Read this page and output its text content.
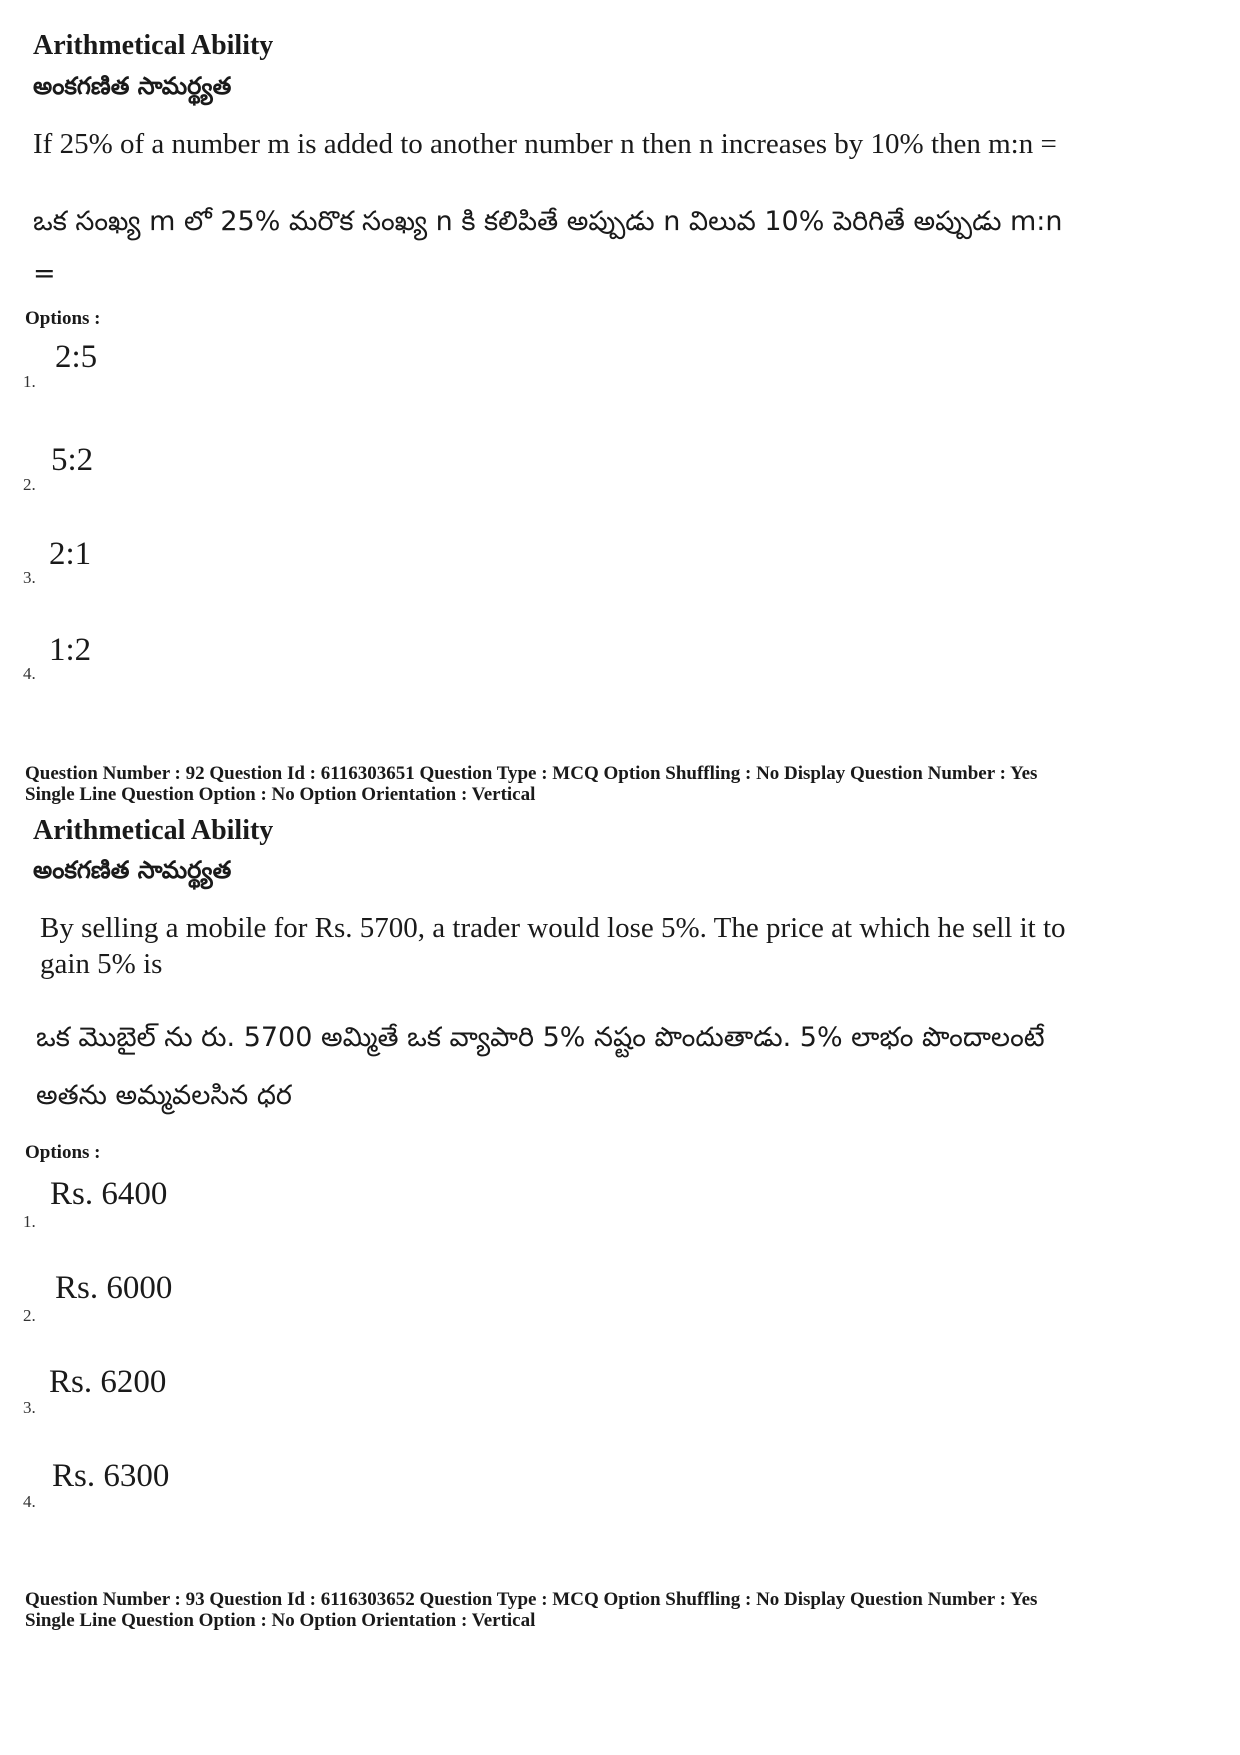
Arithmetical Ability
అంకగణిత సామర్థ్యత
If 25% of a number m is added to another number n then n increases by 10% then m:n =
ఒక సంఖ్య m లో 25% మరొక సంఖ్య n కి కలిపితే అప్పుడు n విలువ 10% పెరిగితే అప్పుడు m:n
=
Options :
1.
2:5
2.
5:2
3.
2:1
4.
1:2
Question Number : 92 Question Id : 6116303651 Question Type : MCQ Option Shuffling : No Display Question Number : Yes
Single Line Question Option : No Option Orientation : Vertical
Arithmetical Ability
అంకగణిత సామర్థ్యత
By selling a mobile for Rs. 5700, a trader would lose 5%. The price at which he sell it to
gain 5% is
ఒక మొబైల్ ను రు. 5700 అమ్మితే ఒక వ్యాపారి 5% నష్టం పొందుతాడు. 5% లాభం పొందాలంటే
అతను అమ్మవలసిన ధర
Options :
1.
Rs. 6400
2.
Rs. 6000
3.
Rs. 6200
4.
Rs. 6300
Question Number : 93 Question Id : 6116303652 Question Type : MCQ Option Shuffling : No Display Question Number : Yes
Single Line Question Option : No Option Orientation : Vertical
